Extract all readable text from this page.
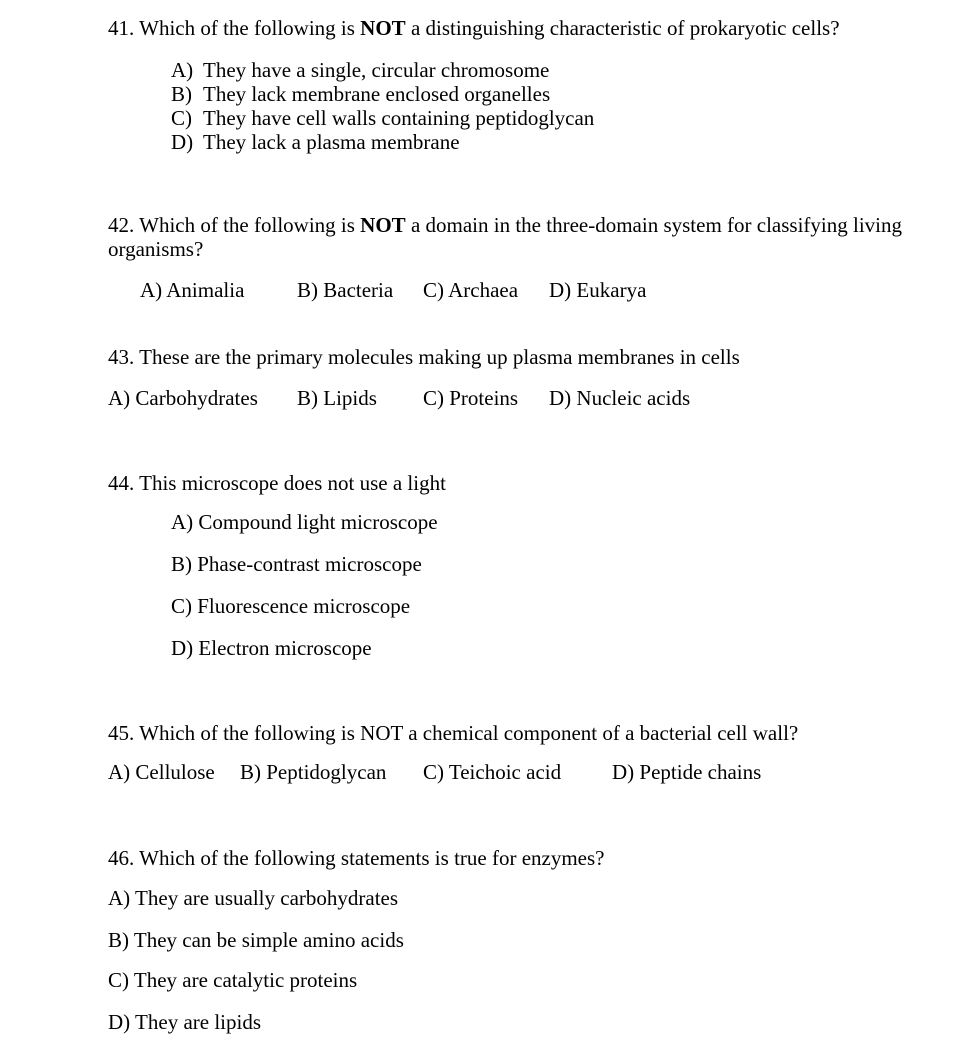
41. Which of the following is NOT a distinguishing characteristic of prokaryotic cells?
A) They have a single, circular chromosome
B) They lack membrane enclosed organelles
C) They have cell walls containing peptidoglycan
D) They lack a plasma membrane
42. Which of the following is NOT a domain in the three-domain system for classifying living organisms?
A) Animalia	B) Bacteria C) Archaea D) Eukarya
43. These are the primary molecules making up plasma membranes in cells
A) Carbohydrates B) Lipids C) Proteins D) Nucleic acids
44. This microscope does not use a light
A) Compound light microscope
B) Phase-contrast microscope
C) Fluorescence microscope
D) Electron microscope
45. Which of the following is NOT a chemical component of a bacterial cell wall?
A) Cellulose B) Peptidoglycan C) Teichoic acid D) Peptide chains
46. Which of the following statements is true for enzymes?
A) They are usually carbohydrates
B) They can be simple amino acids
C) They are catalytic proteins
D) They are lipids
